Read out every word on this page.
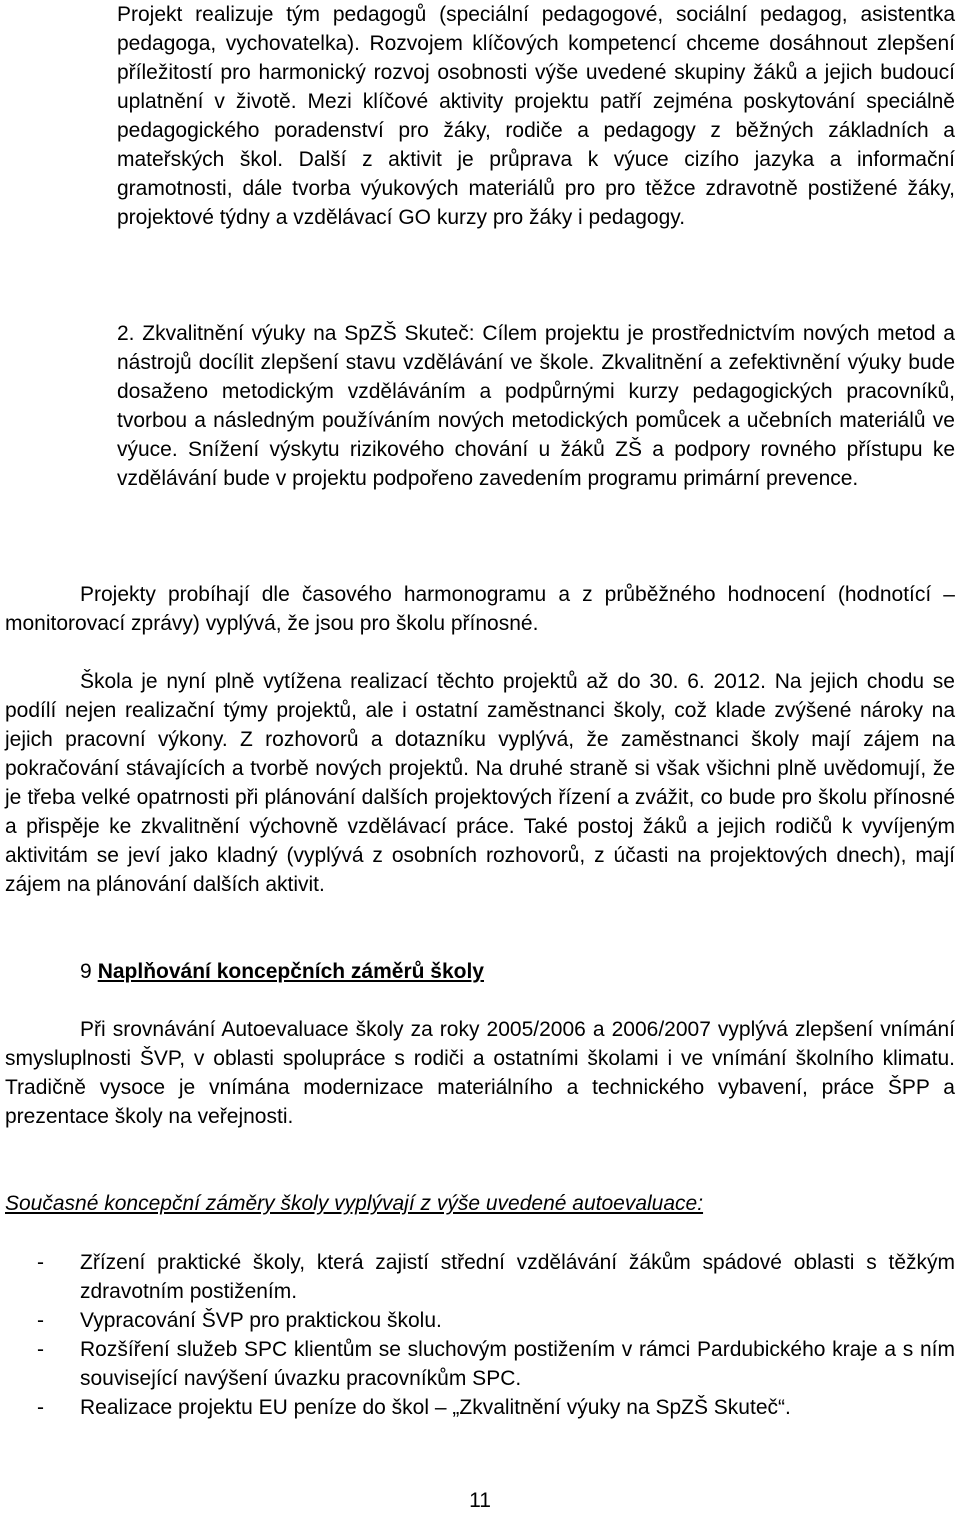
Projekt realizuje tým pedagogů (speciální pedagogové, sociální pedagog, asistentka pedagoga, vychovatelka). Rozvojem klíčových kompetencí chceme dosáhnout zlepšení příležitostí pro harmonický rozvoj osobnosti výše uvedené skupiny žáků a jejich budoucí uplatnění v životě. Mezi klíčové aktivity projektu patří zejména poskytování speciálně pedagogického poradenství pro žáky, rodiče a pedagogy z běžných základních a mateřských škol. Další z aktivit je průprava k výuce cizího jazyka a informační gramotnosti, dále tvorba výukových materiálů pro pro těžce zdravotně postižené žáky, projektové týdny a vzdělávací GO kurzy pro žáky i pedagogy.

2. Zkvalitnění výuky na SpZŠ Skuteč: Cílem projektu je prostřednictvím nových metod a nástrojů docílit zlepšení stavu vzdělávání ve škole. Zkvalitnění a zefektivnění výuky bude dosaženo metodickým vzděláváním a podpůrnými kurzy pedagogických pracovníků, tvorbou a následným používáním nových metodických pomůcek a učebních materiálů ve výuce. Snížení výskytu rizikového chování u žáků ZŠ a podpory rovného přístupu ke vzdělávání bude v projektu podpořeno zavedením programu primární prevence.

Projekty probíhají dle časového harmonogramu a z průběžného hodnocení (hodnotící – monitorovací zprávy) vyplývá, že jsou pro školu přínosné.

Škola je nyní plně vytížena realizací těchto projektů až do 30. 6. 2012. Na jejich chodu se podílí nejen realizační týmy projektů, ale i ostatní zaměstnanci školy, což klade zvýšené nároky na jejich pracovní výkony. Z rozhovorů a dotazníku vyplývá, že zaměstnanci školy mají zájem na pokračování stávajících a tvorbě nových projektů. Na druhé straně si však všichni plně uvědomují, že je třeba velké opatrnosti při plánování dalších projektových řízení a zvážit, co bude pro školu přínosné a přispěje ke zkvalitnění výchovně vzdělávací práce. Také postoj žáků a jejich rodičů k vyvíjeným aktivitám se jeví jako kladný (vyplývá z osobních rozhovorů, z účasti na projektových dnech), mají zájem na plánování dalších aktivit.

9 Naplňování koncepčních záměrů školy

Při srovnávání Autoevaluace školy za roky 2005/2006 a 2006/2007 vyplývá zlepšení vnímání smysluplnosti ŠVP, v oblasti spolupráce s rodiči a ostatními školami i ve vnímání školního klimatu. Tradičně vysoce je vnímána modernizace materiálního a technického vybavení, práce ŠPP a prezentace školy na veřejnosti.

Současné koncepční záměry školy vyplývají z výše uvedené autoevaluace:
- Zřízení praktické školy, která zajistí střední vzdělávání žákům spádové oblasti s těžkým zdravotním postižením.
- Vypracování ŠVP pro praktickou školu.
- Rozšíření služeb SPC klientům se sluchovým postižením v rámci Pardubického kraje a s ním související navýšení úvazku pracovníkům SPC.
- Realizace projektu EU peníze do škol – „Zkvalitnění výuky na SpZŠ Skuteč“.
11
